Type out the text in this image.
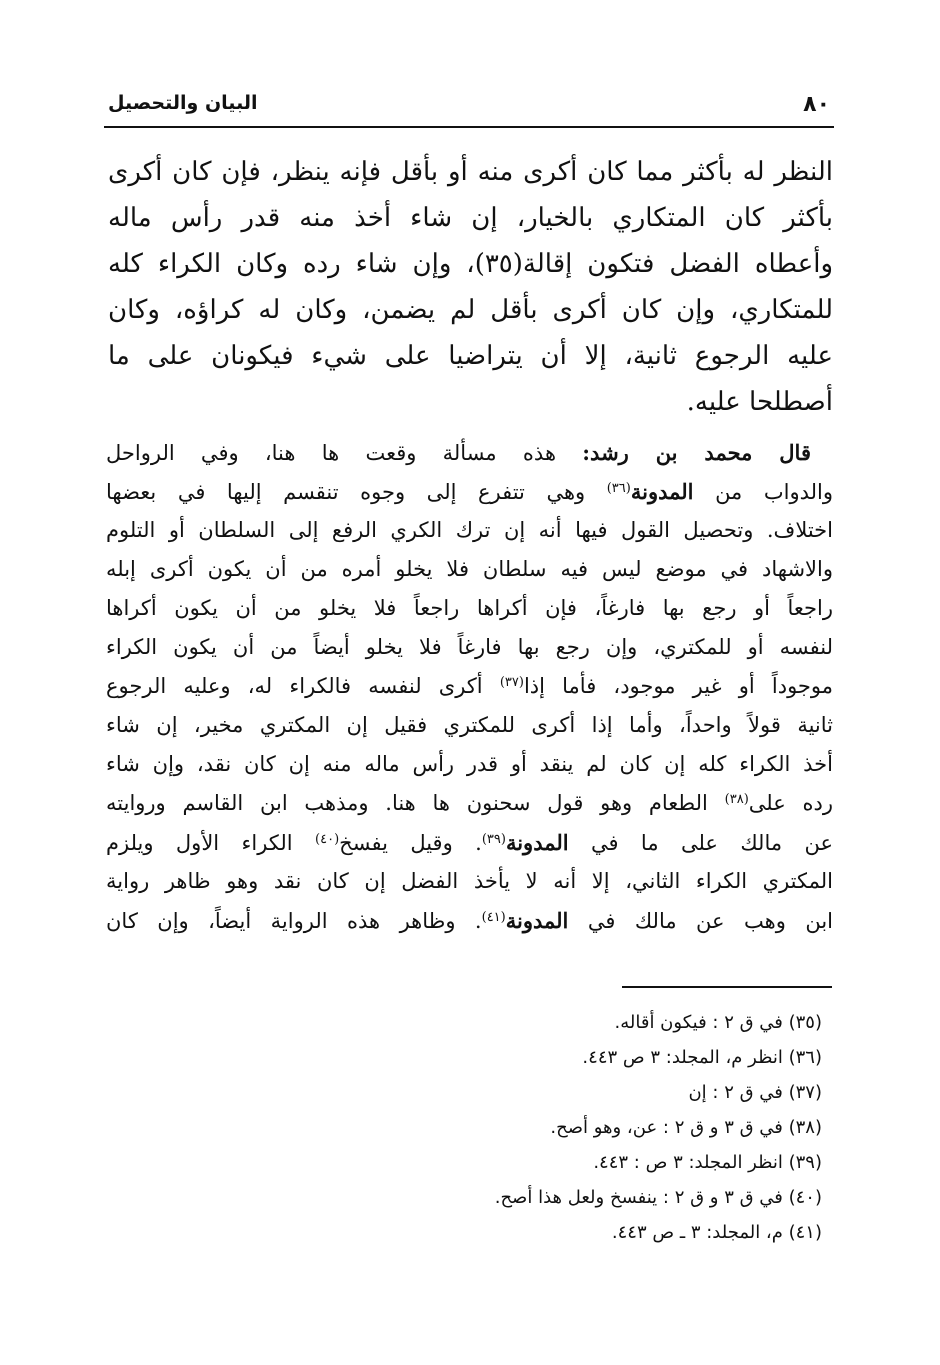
٨٠
البيان والتحصيل
النظر له بأكثر مما كان أكرى منه أو بأقل فإنه ينظر، فإن كان أكرى
بأكثر كان المتكاري بالخيار، إن شاء أخذ منه قدر رأس ماله
وأعطاه الفضل فتكون إقالة(٣٥)، وإن شاء رده وكان الكراء كله
للمتكاري، وإن كان أكرى بأقل لم يضمن، وكان له كراؤه، وكان
عليه الرجوع ثانية، إلا أن يتراضيا على شيء فيكونان على ما
أصطلحا عليه.
قال محمد بن رشد: هذه مسألة وقعت ها هنا، وفي الرواحل
والدواب من المدونة$^{(٣٦)}$ وهي تتفرع إلى وجوه تنقسم إليها في بعضها
اختلاف. وتحصيل القول فيها أنه إن ترك الكري الرفع إلى السلطان أو التلوم
والاشهاد في موضع ليس فيه سلطان فلا يخلو أمره من أن يكون أكرى إبله
راجعاً أو رجع بها فارغاً، فإن أكراها راجعاً فلا يخلو من أن يكون أكراها
لنفسه أو للمكتري، وإن رجع بها فارغاً فلا يخلو أيضاً من أن يكون الكراء
موجوداً أو غير موجود، فأما إذا$^{(٣٧)}$ أكرى لنفسه فالكراء له، وعليه الرجوع
ثانية قولاً واحداً، وأما إذا أكرى للمكتري فقيل إن المكتري مخير، إن شاء
أخذ الكراء كله إن كان لم ينقد أو قدر رأس ماله منه إن كان نقد، وإن شاء
رده على$^{(٣٨)}$ الطعام وهو قول سحنون ها هنا. ومذهب ابن القاسم وروايته
عن مالك على ما في المدونة$^{(٣٩)}$. وقيل يفسخ$^{(٤٠)}$ الكراء الأول ويلزم
المكتري الكراء الثاني، إلا أنه لا يأخذ الفضل إن كان نقد وهو ظاهر رواية
ابن وهب عن مالك في المدونة$^{(٤١)}$. وظاهر هذه الرواية أيضاً، وإن كان
(٣٥) في ق ٢ : فيكون أقاله.
(٣٦) انظر م، المجلد: ٣ ص ٤٤٣.
(٣٧) في ق ٢ : إن
(٣٨) في ق ٣ و ق ٢ : عن، وهو أصح.
(٣٩) انظر المجلد: ٣ ص : ٤٤٣.
(٤٠) في ق ٣ و ق ٢ : ينفسخ ولعل هذا أصح.
(٤١) م، المجلد: ٣ ـ ص ٤٤٣.
